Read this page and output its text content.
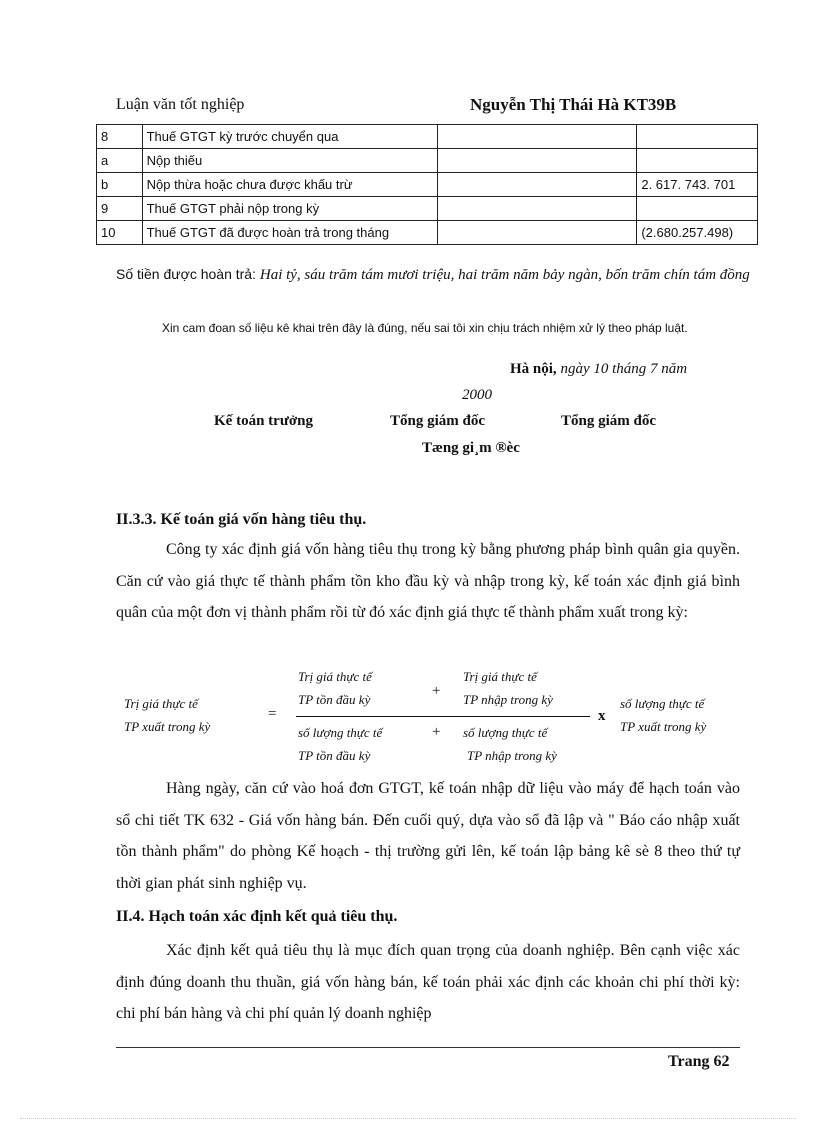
Luận văn tốt nghiệp	Nguyễn Thị Thái Hà KT39B
8	Thuế GTGT kỳ trước chuyển qua		
a	Nộp thiếu		
b	Nộp thừa hoặc chưa được khấu trừ		2. 617. 743. 701
9	Thuế GTGT phải nộp trong kỳ		
10	Thuế GTGT đã được hoàn trả trong tháng		(2.680.257.498)
Số tiền được hoàn trả: Hai tỷ, sáu trăm tám mươi triệu, hai trăm năm bảy ngàn, bốn trăm chín tám đồng
Xin cam đoan số liệu kê khai trên đây là đúng, nếu sai tôi xin chịu trách nhiệm xử lý theo pháp luật.
Hà nội, ngày 10 tháng 7 năm
2000
Kế toán trưởng	Tổng giám đốc	Tổng giám đốc
Tæng gi¸m ®èc
II.3.3. Kế toán giá vốn hàng tiêu thụ.
Công ty xác định giá vốn hàng tiêu thụ trong kỳ bằng phương pháp bình quân gia quyền. Căn cứ vào giá thực tế thành phẩm tồn kho đầu kỳ và nhập trong kỳ, kế toán xác định giá bình quân của một đơn vị thành phẩm rồi từ đó xác định giá thực tế thành phẩm xuất trong kỳ:
Trị giá thực tế
TP xuất trong kỳ
=
Trị giá thực tế
TP tồn đầu kỳ
+
Trị giá thực tế
TP nhập trong kỳ
số lượng thực tế
TP tồn đầu kỳ
+ số lượng thực tế
TP nhập trong kỳ
x
số lượng thực tế
TP xuất trong kỳ
Hàng ngày, căn cứ vào hoá đơn GTGT, kế toán nhập dữ liệu vào máy để hạch toán vào sổ chi tiết TK 632 - Giá vốn hàng bán. Đến cuối quý, dựa vào sổ đã lập và " Báo cáo nhập xuất tồn thành phẩm" do phòng Kế hoạch - thị trường gửi lên, kế toán lập bảng kê sè 8 theo thứ tự thời gian phát sinh nghiệp vụ.
II.4. Hạch toán xác định kết quả tiêu thụ.
Xác định kết quả tiêu thụ là mục đích quan trọng của doanh nghiệp. Bên cạnh việc xác định đúng doanh thu thuần, giá vốn hàng bán, kế toán phải xác định các khoản chi phí thời kỳ: chi phí bán hàng và chi phí quản lý doanh nghiệp
Trang 62
